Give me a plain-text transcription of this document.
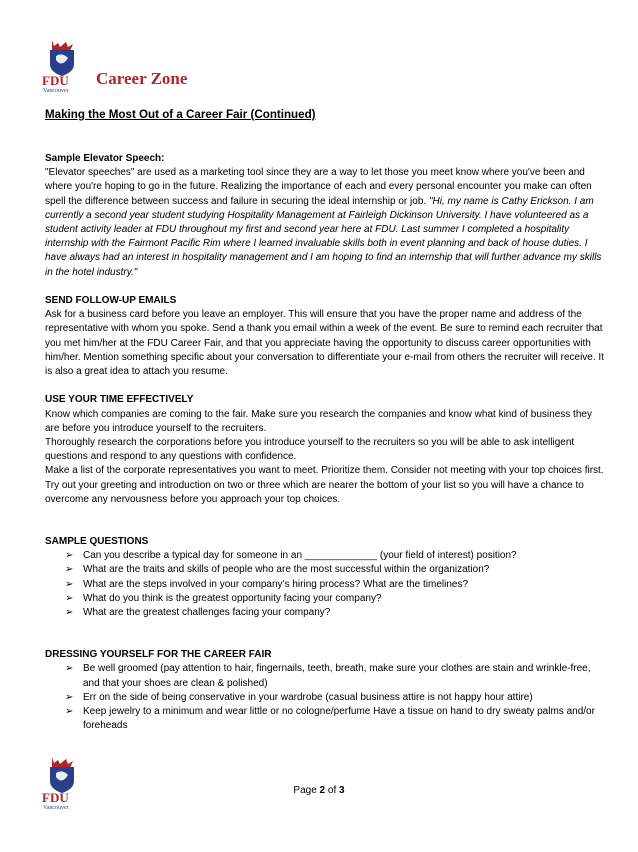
FDU
Vancouver
Career Zone
Making the Most Out of a Career Fair (Continued)

Sample Elevator Speech:

"Elevator speeches" are used as a marketing tool since they are a way to let those you meet know where you've been and where you're hoping to go in the future. Realizing the importance of each and every personal encounter you make can often spell the difference between success and failure in securing the ideal internship or job. "Hi, my name is Cathy Erickson. I am currently a second year student studying Hospitality Management at Fairleigh Dickinson University. I have volunteered as a student activity leader at FDU throughout my first and second year here at FDU. Last summer I completed a hospitality internship with the Fairmont Pacific Rim where I learned invaluable skills both in event planning and back of house duties. I have always had an interest in hospitality management and I am hoping to find an internship that will further advance my skills in the hotel industry."

SEND FOLLOW-UP EMAILS

Ask for a business card before you leave an employer. This will ensure that you have the proper name and address of the representative with whom you spoke. Send a thank you email within a week of the event. Be sure to remind each recruiter that you met him/her at the FDU Career Fair, and that you appreciate having the opportunity to discuss career opportunities with him/her. Mention something specific about your conversation to differentiate your e-mail from others the recruiter will receive. It is also a great idea to attach you resume.

USE YOUR TIME EFFECTIVELY

Know which companies are coming to the fair. Make sure you research the companies and know what kind of business they are before you introduce yourself to the recruiters.

Thoroughly research the corporations before you introduce yourself to the recruiters so you will be able to ask intelligent questions and respond to any questions with confidence.

Make a list of the corporate representatives you want to meet. Prioritize them. Consider not meeting with your top choices first. Try out your greeting and introduction on two or three which are nearer the bottom of your list so you will have a chance to overcome any nervousness before you approach your top choices.

SAMPLE QUESTIONS

➢ Can you describe a typical day for someone in an _____________ (your field of interest) position?
➢ What are the traits and skills of people who are the most successful within the organization?
➢ What are the steps involved in your company’s hiring process? What are the timelines?
➢ What do you think is the greatest opportunity facing your company?
➢ What are the greatest challenges facing your company?

DRESSING YOURSELF FOR THE CAREER FAIR

➢ Be well groomed (pay attention to hair, fingernails, teeth, breath, make sure your clothes are stain and wrinkle-free, and that your shoes are clean & polished)
➢ Err on the side of being conservative in your wardrobe (casual business attire is not happy hour attire)
➢ Keep jewelry to a minimum and wear little or no cologne/perfume Have a tissue on hand to dry sweaty palms and/or foreheads
FDU
Vancouver
Page 2 of 3
